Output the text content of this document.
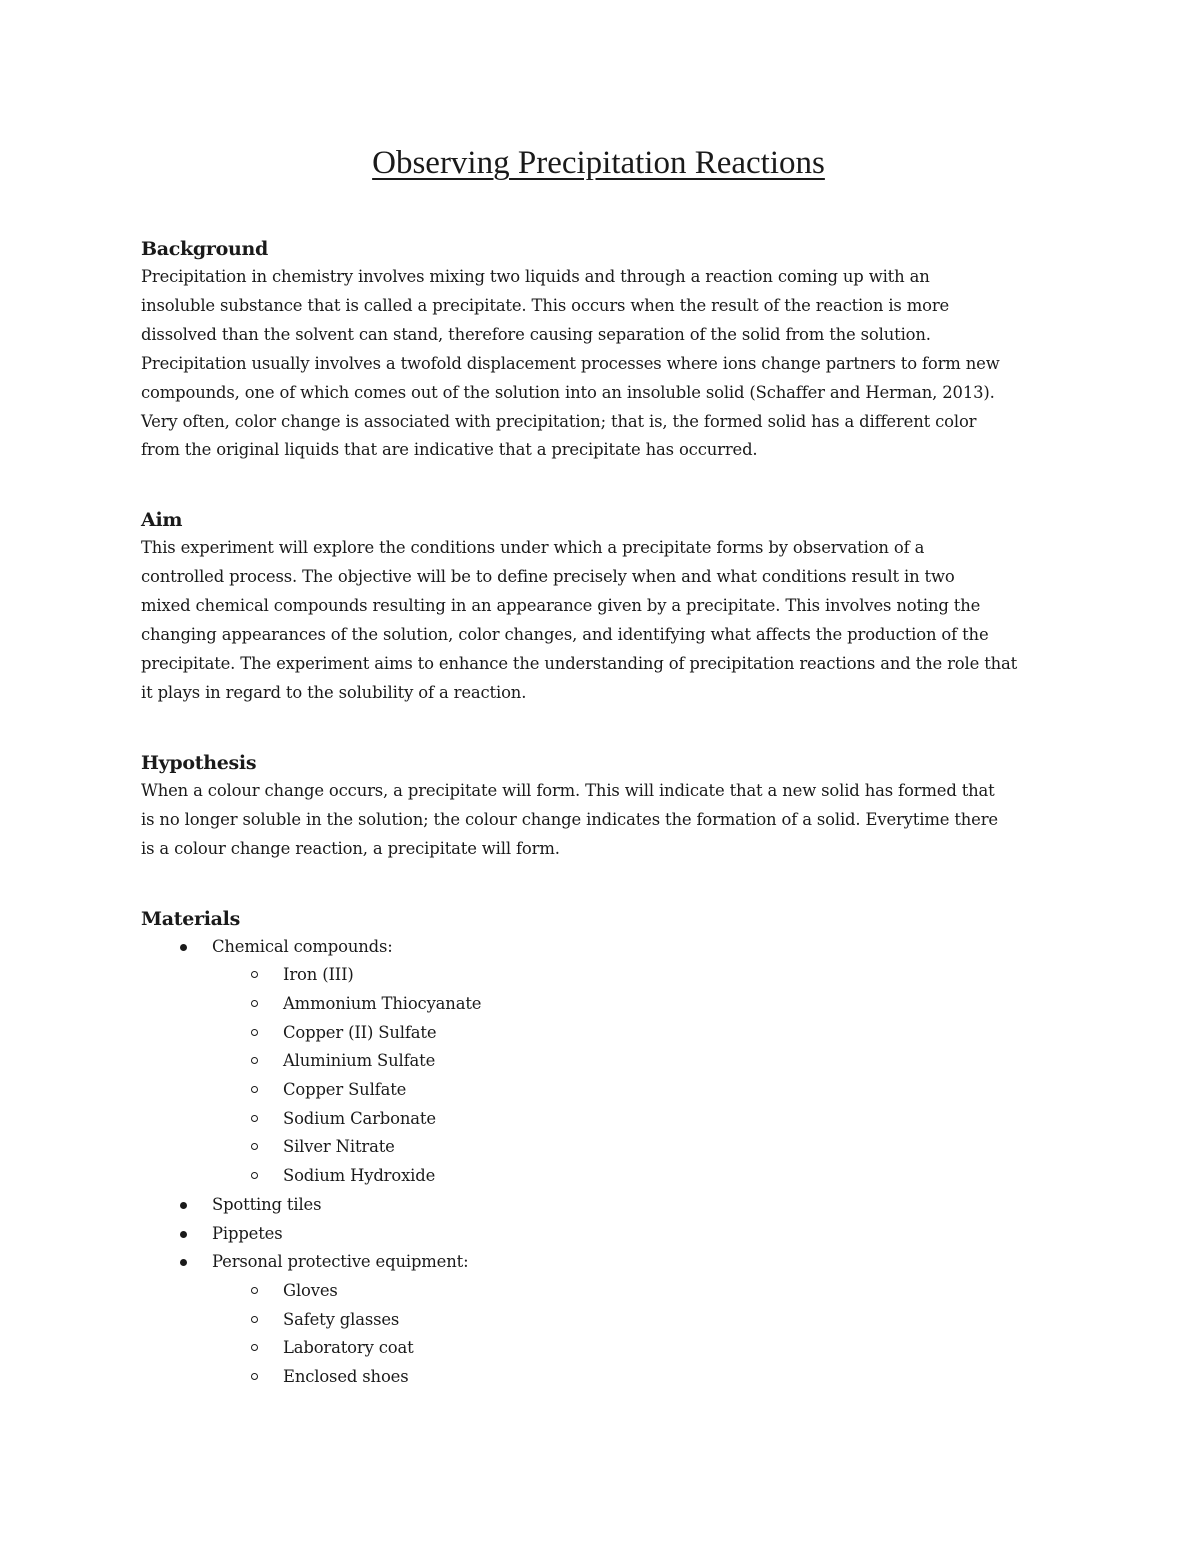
Observing Precipitation Reactions
Background

Precipitation in chemistry involves mixing two liquids and through a reaction coming up with an
insoluble substance that is called a precipitate. This occurs when the result of the reaction is more
dissolved than the solvent can stand, therefore causing separation of the solid from the solution.
Precipitation usually involves a twofold displacement processes where ions change partners to form new
compounds, one of which comes out of the solution into an insoluble solid (Schaffer and Herman, 2013).
Very often, color change is associated with precipitation; that is, the formed solid has a different color
from the original liquids that are indicative that a precipitate has occurred.

Aim

This experiment will explore the conditions under which a precipitate forms by observation of a
controlled process. The objective will be to define precisely when and what conditions result in two
mixed chemical compounds resulting in an appearance given by a precipitate. This involves noting the
changing appearances of the solution, color changes, and identifying what affects the production of the
precipitate. The experiment aims to enhance the understanding of precipitation reactions and the role that
it plays in regard to the solubility of a reaction.

Hypothesis

When a colour change occurs, a precipitate will form. This will indicate that a new solid has formed that
is no longer soluble in the solution; the colour change indicates the formation of a solid. Everytime there
is a colour change reaction, a precipitate will form.

Materials
Chemical compounds:
Iron (III)
Ammonium Thiocyanate
Copper (II) Sulfate
Aluminium Sulfate
Copper Sulfate
Sodium Carbonate
Silver Nitrate
Sodium Hydroxide
Spotting tiles
Pippetes
Personal protective equipment:
Gloves
Safety glasses
Laboratory coat
Enclosed shoes
